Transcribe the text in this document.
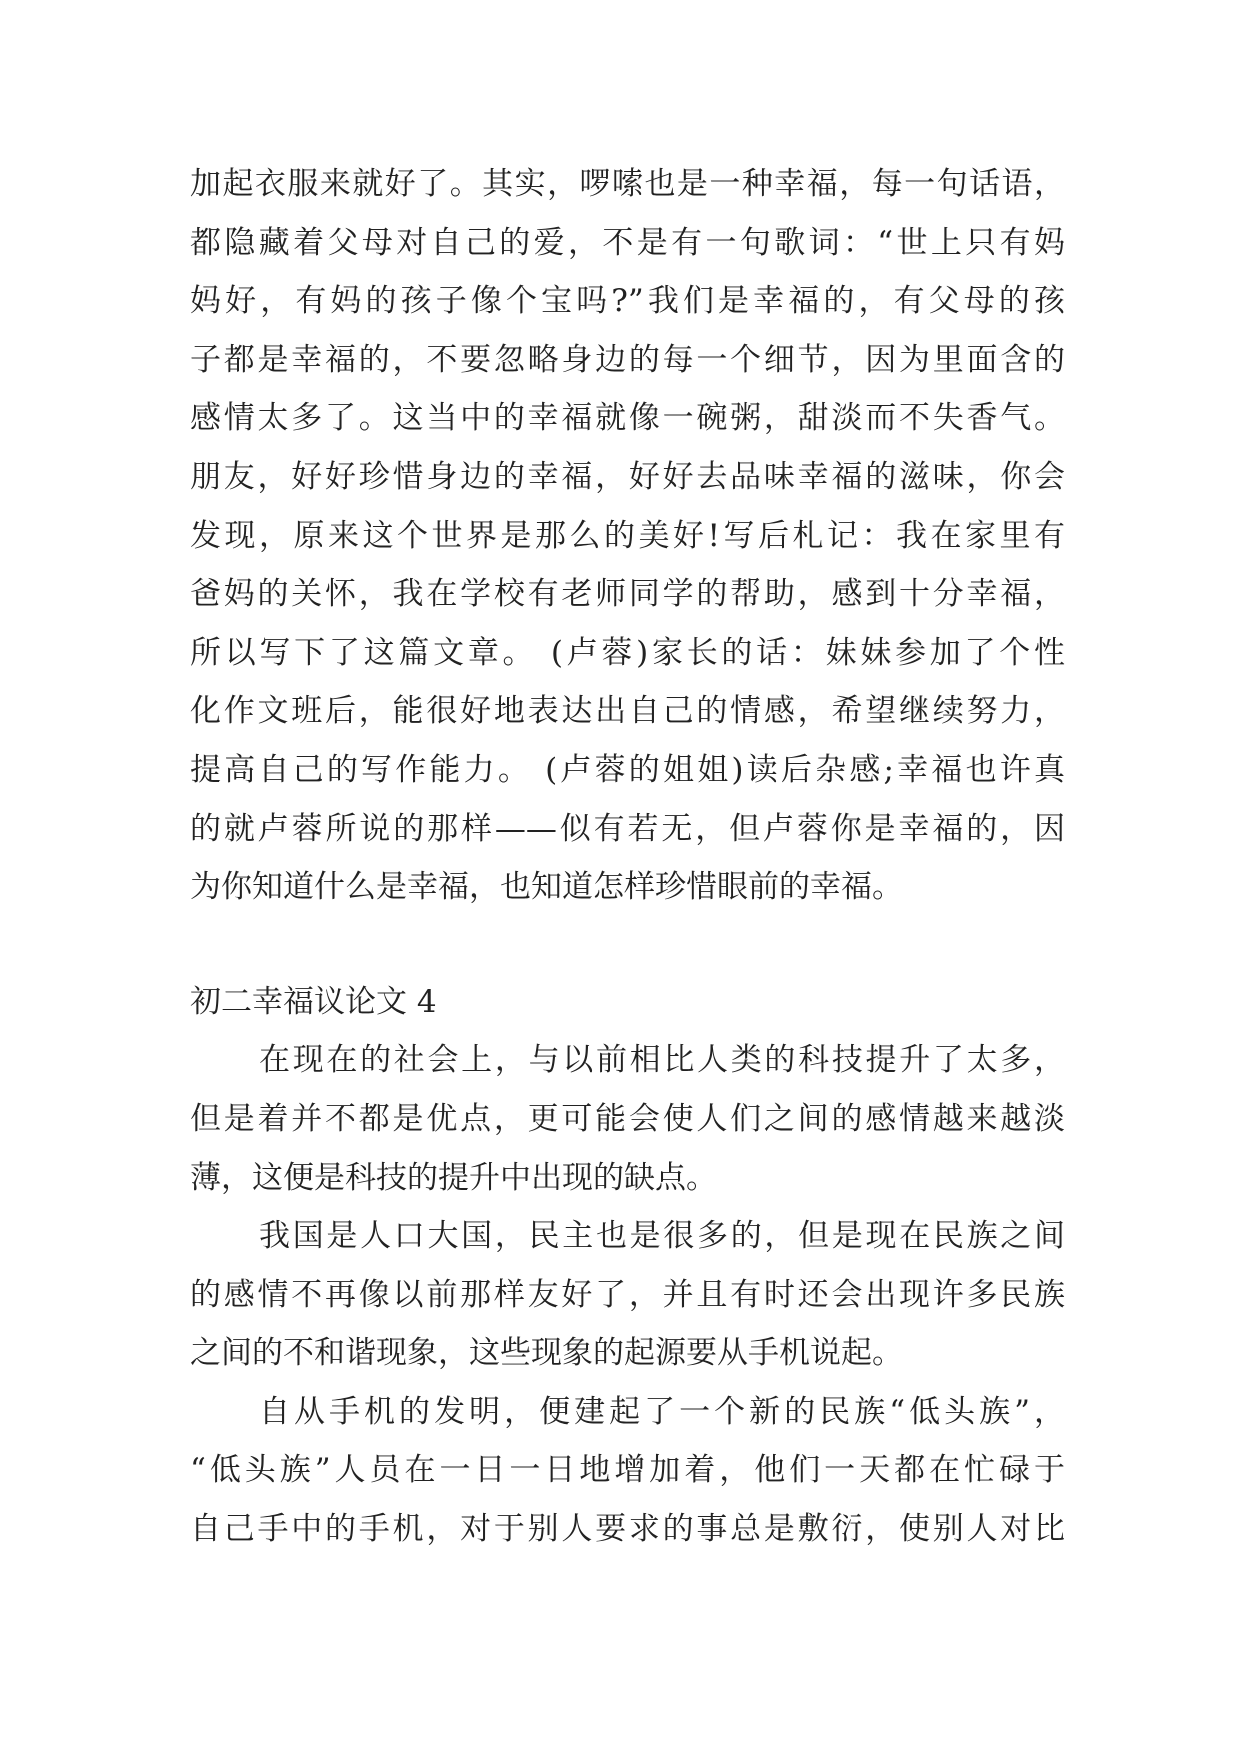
加起衣服来就好了。其实，啰嗦也是一种幸福，每一句话语，
都隐藏着父母对自己的爱，不是有一句歌词：“世上只有妈
妈好，有妈的孩子像个宝吗?”我们是幸福的，有父母的孩
子都是幸福的，不要忽略身边的每一个细节，因为里面含的
感情太多了。这当中的幸福就像一碗粥，甜淡而不失香气。
朋友，好好珍惜身边的幸福，好好去品味幸福的滋味，你会
发现，原来这个世界是那么的美好!写后札记：我在家里有
爸妈的关怀，我在学校有老师同学的帮助，感到十分幸福，
所以写下了这篇文章。 (卢蓉)家长的话：妹妹参加了个性
化作文班后，能很好地表达出自己的情感，希望继续努力，
提高自己的写作能力。 (卢蓉的姐姐)读后杂感;幸福也许真
的就卢蓉所说的那样——似有若无，但卢蓉你是幸福的，因
为你知道什么是幸福，也知道怎样珍惜眼前的幸福。
初二幸福议论文 4
在现在的社会上，与以前相比人类的科技提升了太多，
但是着并不都是优点，更可能会使人们之间的感情越来越淡
薄，这便是科技的提升中出现的缺点。
我国是人口大国，民主也是很多的，但是现在民族之间
的感情不再像以前那样友好了，并且有时还会出现许多民族
之间的不和谐现象，这些现象的起源要从手机说起。
自从手机的发明，便建起了一个新的民族“低头族”，
“低头族”人员在一日一日地增加着，他们一天都在忙碌于
自己手中的手机，对于别人要求的事总是敷衍，使别人对比
